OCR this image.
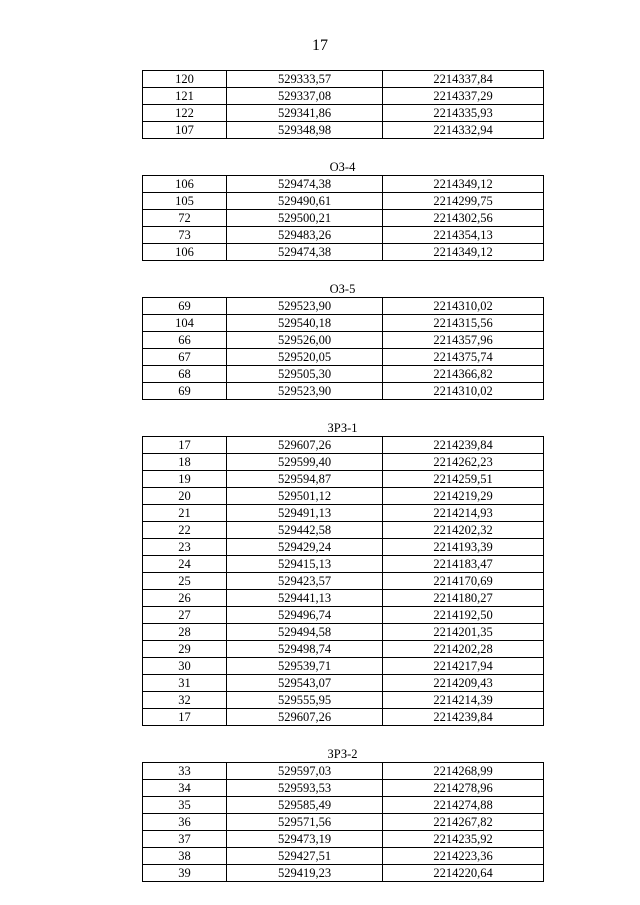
17
120	529333,57	2214337,84
121	529337,08	2214337,29
122	529341,86	2214335,93
107	529348,98	2214332,94
ОЗ-4
106	529474,38	2214349,12
105	529490,61	2214299,75
72	529500,21	2214302,56
73	529483,26	2214354,13
106	529474,38	2214349,12
ОЗ-5
69	529523,90	2214310,02
104	529540,18	2214315,56
66	529526,00	2214357,96
67	529520,05	2214375,74
68	529505,30	2214366,82
69	529523,90	2214310,02
ЗРЗ-1
17	529607,26	2214239,84
18	529599,40	2214262,23
19	529594,87	2214259,51
20	529501,12	2214219,29
21	529491,13	2214214,93
22	529442,58	2214202,32
23	529429,24	2214193,39
24	529415,13	2214183,47
25	529423,57	2214170,69
26	529441,13	2214180,27
27	529496,74	2214192,50
28	529494,58	2214201,35
29	529498,74	2214202,28
30	529539,71	2214217,94
31	529543,07	2214209,43
32	529555,95	2214214,39
17	529607,26	2214239,84
ЗРЗ-2
33	529597,03	2214268,99
34	529593,53	2214278,96
35	529585,49	2214274,88
36	529571,56	2214267,82
37	529473,19	2214235,92
38	529427,51	2214223,36
39	529419,23	2214220,64
